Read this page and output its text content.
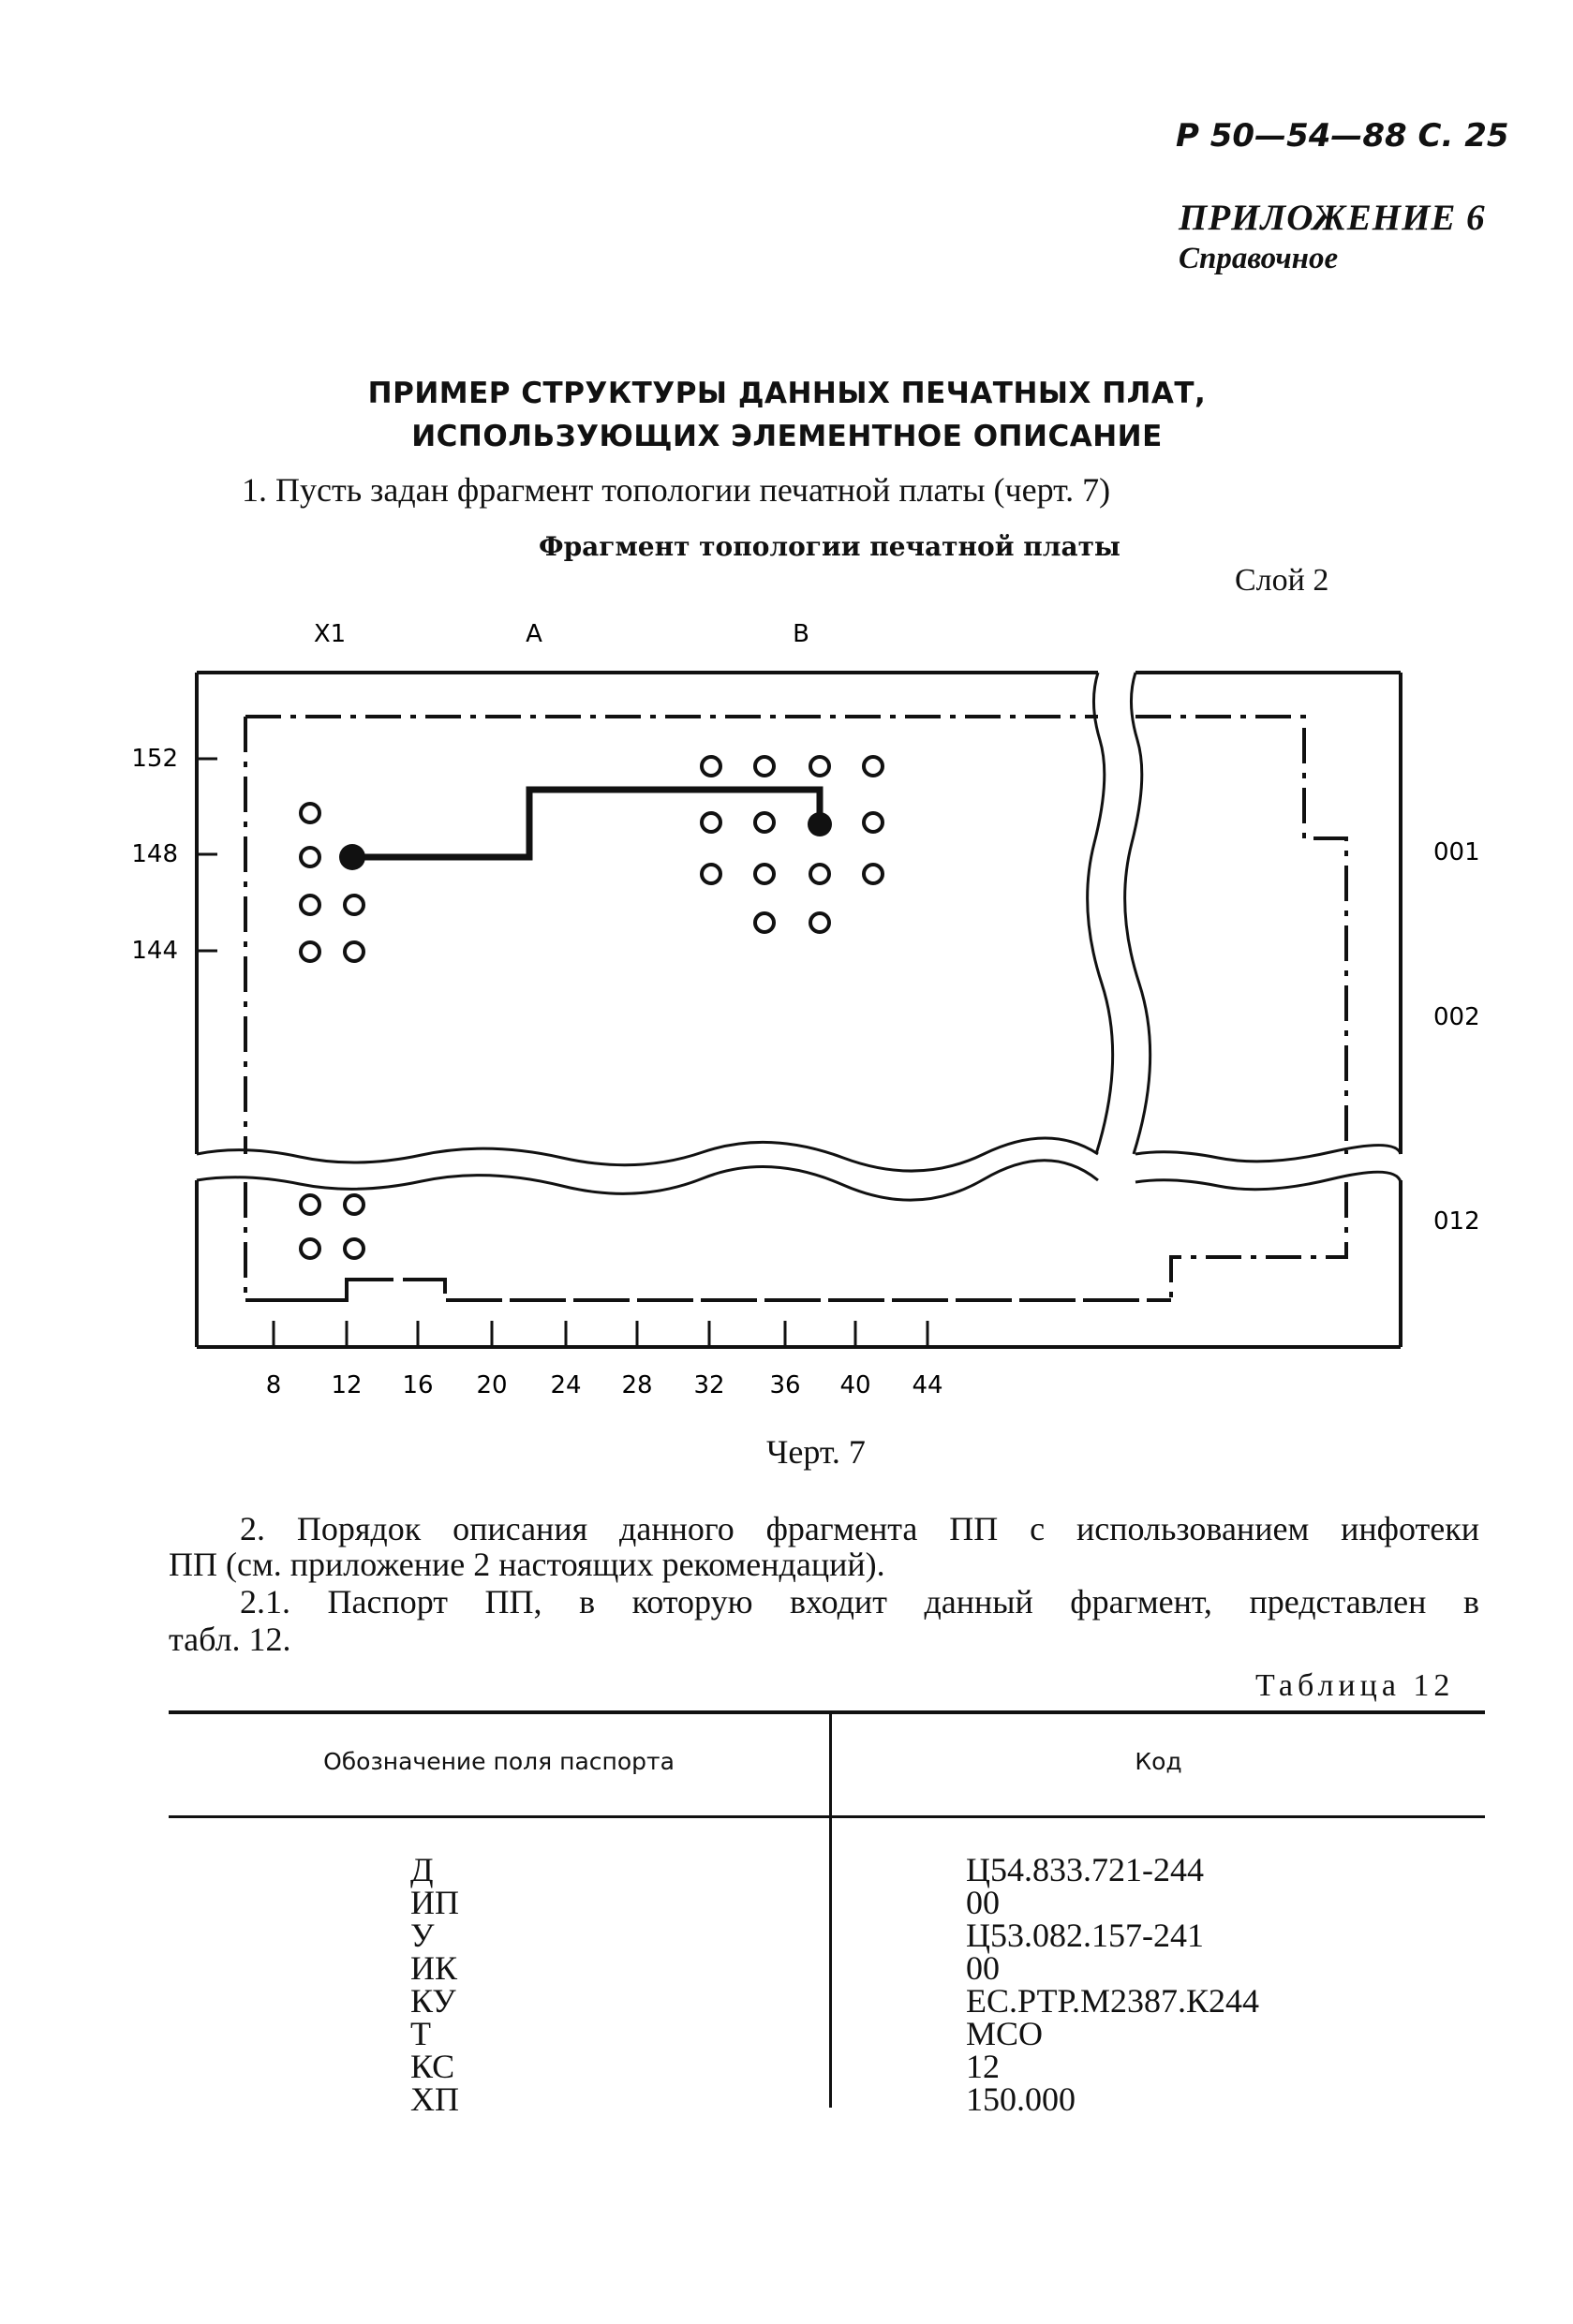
Р 50—54—88 С. 25
ПРИЛОЖЕНИЕ 6
Справочное
ПРИМЕР СТРУКТУРЫ ДАННЫХ ПЕЧАТНЫХ ПЛАТ,
ИСПОЛЬЗУЮЩИХ ЭЛЕМЕНТНОЕ ОПИСАНИЕ
1. Пусть задан фрагмент топологии печатной платы (черт. 7)
Фрагмент топологии печатной платы
Слой 2
Х1	А	В
152
148
144
001
002
012
8 12 16 20 24 28 32 36 40 44
Черт. 7
2. Порядок описания данного фрагмента ПП с использованием инфотеки
ПП (см. приложение 2 настоящих рекомендаций).
2.1. Паспорт ПП, в которую входит данный фрагмент, представлен в
табл. 12.
Таблица 12
Обозначение поля паспорта	Код
Д	Ц54.833.721-244
ИП	00
У	Ц53.082.157-241
ИК	00
КУ	ЕС.РТР.М2387.К244
Т	МСО
КС	12
ХП	150.000
